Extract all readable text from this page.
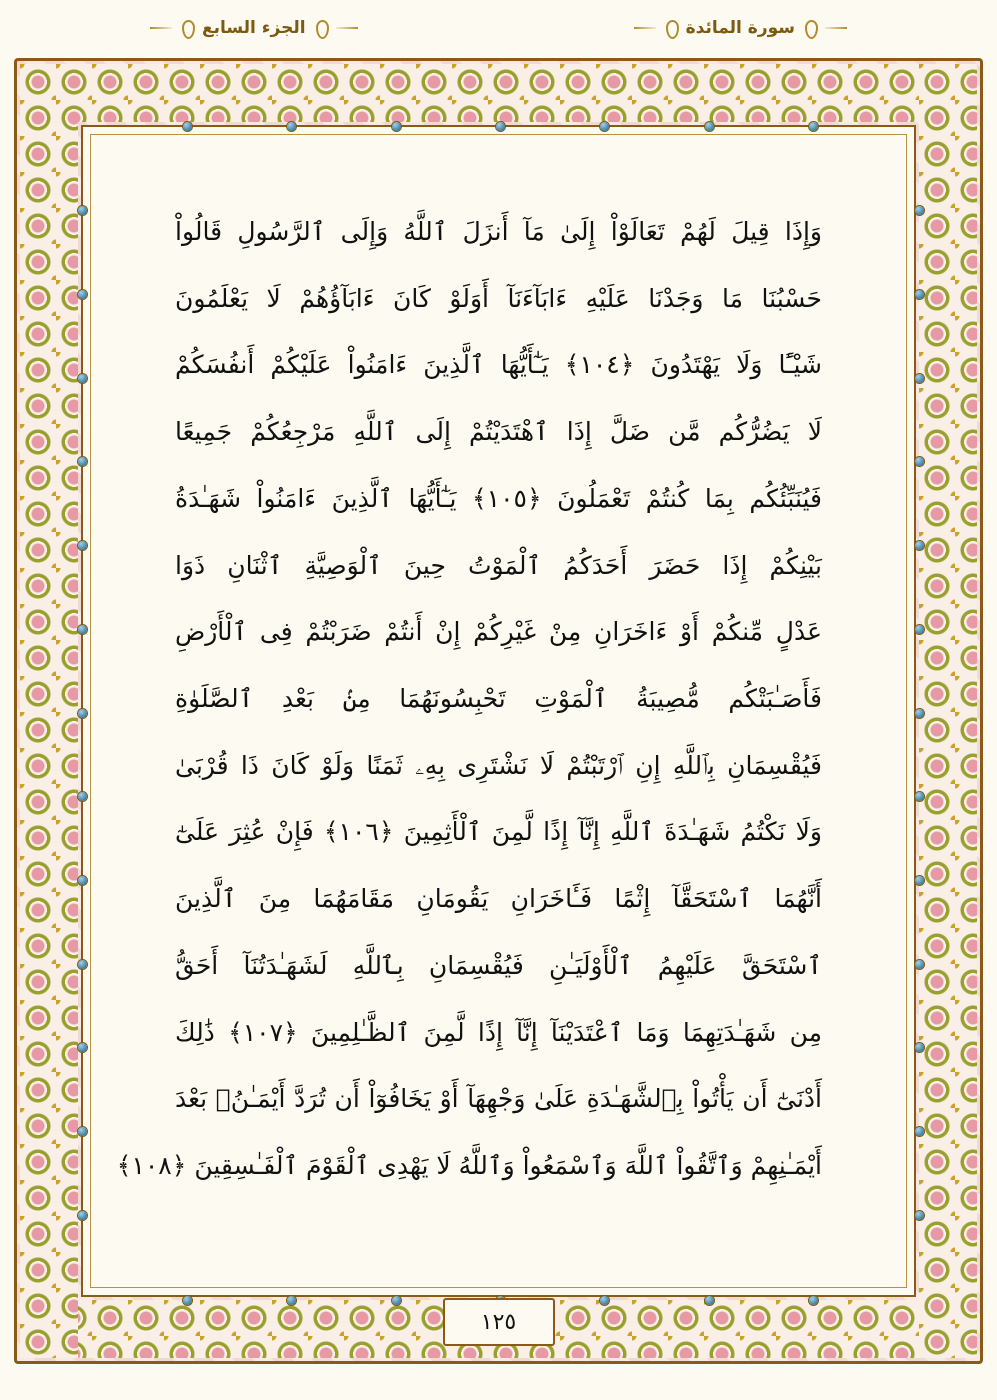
سورة المائدة
الجزء السابع
وَإِذَا قِيلَ لَهُمْ تَعَالَوْاْ إِلَىٰ مَآ أَنزَلَ ٱللَّهُ وَإِلَى ٱلرَّسُولِ قَالُواْ
حَسْبُنَا مَا وَجَدْنَا عَلَيْهِ ءَابَآءَنَآ أَوَلَوْ كَانَ ءَابَآؤُهُمْ لَا يَعْلَمُونَ
شَيْـًٔا وَلَا يَهْتَدُونَ ﴿١٠٤﴾ يَـٰٓأَيُّهَا ٱلَّذِينَ ءَامَنُواْ عَلَيْكُمْ أَنفُسَكُمْ
لَا يَضُرُّكُم مَّن ضَلَّ إِذَا ٱهْتَدَيْتُمْ إِلَى ٱللَّهِ مَرْجِعُكُمْ جَمِيعًا
فَيُنَبِّئُكُم بِمَا كُنتُمْ تَعْمَلُونَ ﴿١٠٥﴾ يَـٰٓأَيُّهَا ٱلَّذِينَ ءَامَنُواْ شَهَـٰدَةُ
بَيْنِكُمْ إِذَا حَضَرَ أَحَدَكُمُ ٱلْمَوْتُ حِينَ ٱلْوَصِيَّةِ ٱثْنَانِ ذَوَا
عَدْلٍ مِّنكُمْ أَوْ ءَاخَرَانِ مِنْ غَيْرِكُمْ إِنْ أَنتُمْ ضَرَبْتُمْ فِى ٱلْأَرْضِ
فَأَصَـٰبَتْكُم مُّصِيبَةُ ٱلْمَوْتِ تَحْبِسُونَهُمَا مِنۢ بَعْدِ ٱلصَّلَوٰةِ
فَيُقْسِمَانِ بِٱللَّهِ إِنِ ٱرْتَبْتُمْ لَا نَشْتَرِى بِهِۦ ثَمَنًا وَلَوْ كَانَ ذَا قُرْبَىٰ
وَلَا نَكْتُمُ شَهَـٰدَةَ ٱللَّهِ إِنَّآ إِذًا لَّمِنَ ٱلْأَثِمِينَ ﴿١٠٦﴾ فَإِنْ عُثِرَ عَلَىٰٓ
أَنَّهُمَا ٱسْتَحَقَّآ إِثْمًا فَـَٔاخَرَانِ يَقُومَانِ مَقَامَهُمَا مِنَ ٱلَّذِينَ
ٱسْتَحَقَّ عَلَيْهِمُ ٱلْأَوْلَيَـٰنِ فَيُقْسِمَانِ بِٱللَّهِ لَشَهَـٰدَتُنَآ أَحَقُّ
مِن شَهَـٰدَتِهِمَا وَمَا ٱعْتَدَيْنَآ إِنَّآ إِذًا لَّمِنَ ٱلظَّـٰلِمِينَ ﴿١٠٧﴾ ذَٰلِكَ
أَدْنَىٰٓ أَن يَأْتُواْ بِٱلشَّهَـٰدَةِ عَلَىٰ وَجْهِهَآ أَوْ يَخَافُوٓاْ أَن تُرَدَّ أَيْمَـٰنُۢ بَعْدَ
أَيْمَـٰنِهِمْ وَٱتَّقُواْ ٱللَّهَ وَٱسْمَعُواْ وَٱللَّهُ لَا يَهْدِى ٱلْقَوْمَ ٱلْفَـٰسِقِينَ ﴿١٠٨﴾
١٢٥
